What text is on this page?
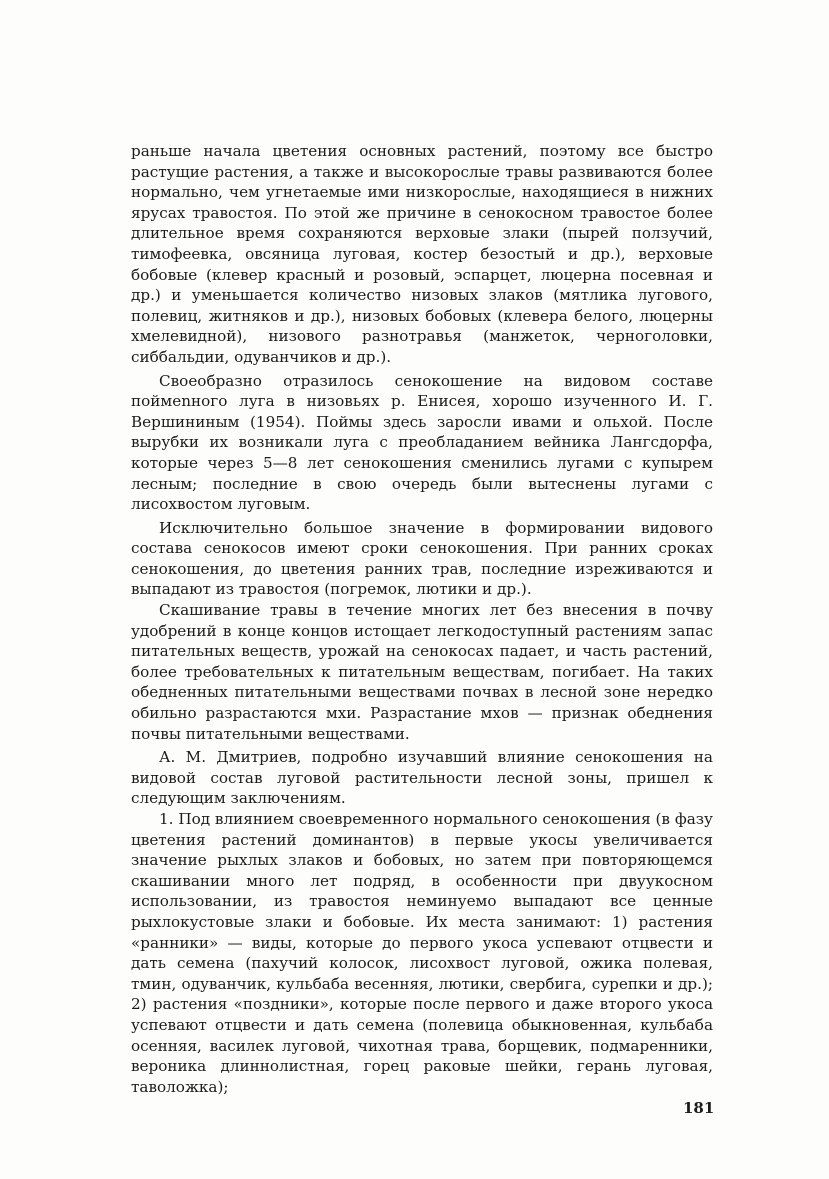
раньше начала цветения основных растений, поэтому все быстро растущие растения, а также и высокорослые травы развиваются более нормально, чем угнетаемые ими низкорослые, находящиеся в нижних ярусах травостоя. По этой же причине в сенокосном травостое более длительное время сохраняются верховые злаки (пырей ползучий, тимофеевка, овсяница луговая, костер безостый и др.), верховые бобовые (клевер красный и розовый, эспарцет, люцерна посевная и др.) и уменьшается количество низовых злаков (мятлика лугового, полевиц, житняков и др.), низовых бобовых (клевера белого, люцерны хмелевидной), низового разнотравья (манжеток, черноголовки, сиббальдии, одуванчиков и др.).

Своеобразно отразилось сенокошение на видовом составе поймenного луга в низовьях р. Енисея, хорошо изученного И. Г. Вершининым (1954). Поймы здесь заросли ивами и ольхой. После вырубки их возникали луга с преобладанием вейника Лангсдорфа, которые через 5—8 лет сенокошения сменились лугами с купырем лесным; последние в свою очередь были вытеснены лугами с лисохвостом луговым.

Исключительно большое значение в формировании видового состава сенокосов имеют сроки сенокошения. При ранних сроках сенокошения, до цветения ранних трав, последние изреживаются и выпадают из травостоя (погремок, лютики и др.).

Скашивание травы в течение многих лет без внесения в почву удобрений в конце концов истощает легкодоступный растениям запас питательных веществ, урожай на сенокосах падает, и часть растений, более требовательных к питательным веществам, погибает. На таких обедненных питательными веществами почвах в лесной зоне нередко обильно разрастаются мхи. Разрастание мхов — признак обеднения почвы питательными веществами.

А. М. Дмитриев, подробно изучавший влияние сенокошения на видовой состав луговой растительности лесной зоны, пришел к следующим заключениям.

1. Под влиянием своевременного нормального сенокошения (в фазу цветения растений доминантов) в первые укосы увеличивается значение рыхлых злаков и бобовых, но затем при повторяющемся скашивании много лет подряд, в особенности при двуукосном использовании, из травостоя неминуемо выпадают все ценные рыхлокустовые злаки и бобовые. Их места занимают: 1) растения «ранники» — виды, которые до первого укоса успевают отцвести и дать семена (пахучий колосок, лисохвост луговой, ожика полевая, тмин, одуванчик, кульбаба весенняя, лютики, свербига, сурепки и др.); 2) растения «поздники», которые после первого и даже второго укоса успевают отцвести и дать семена (полевица обыкновенная, кульбаба осенняя, василек луговой, чихотная трава, борщевик, подмаренники, вероника длиннолистная, горец раковые шейки, герань луговая, таволожка);

181
